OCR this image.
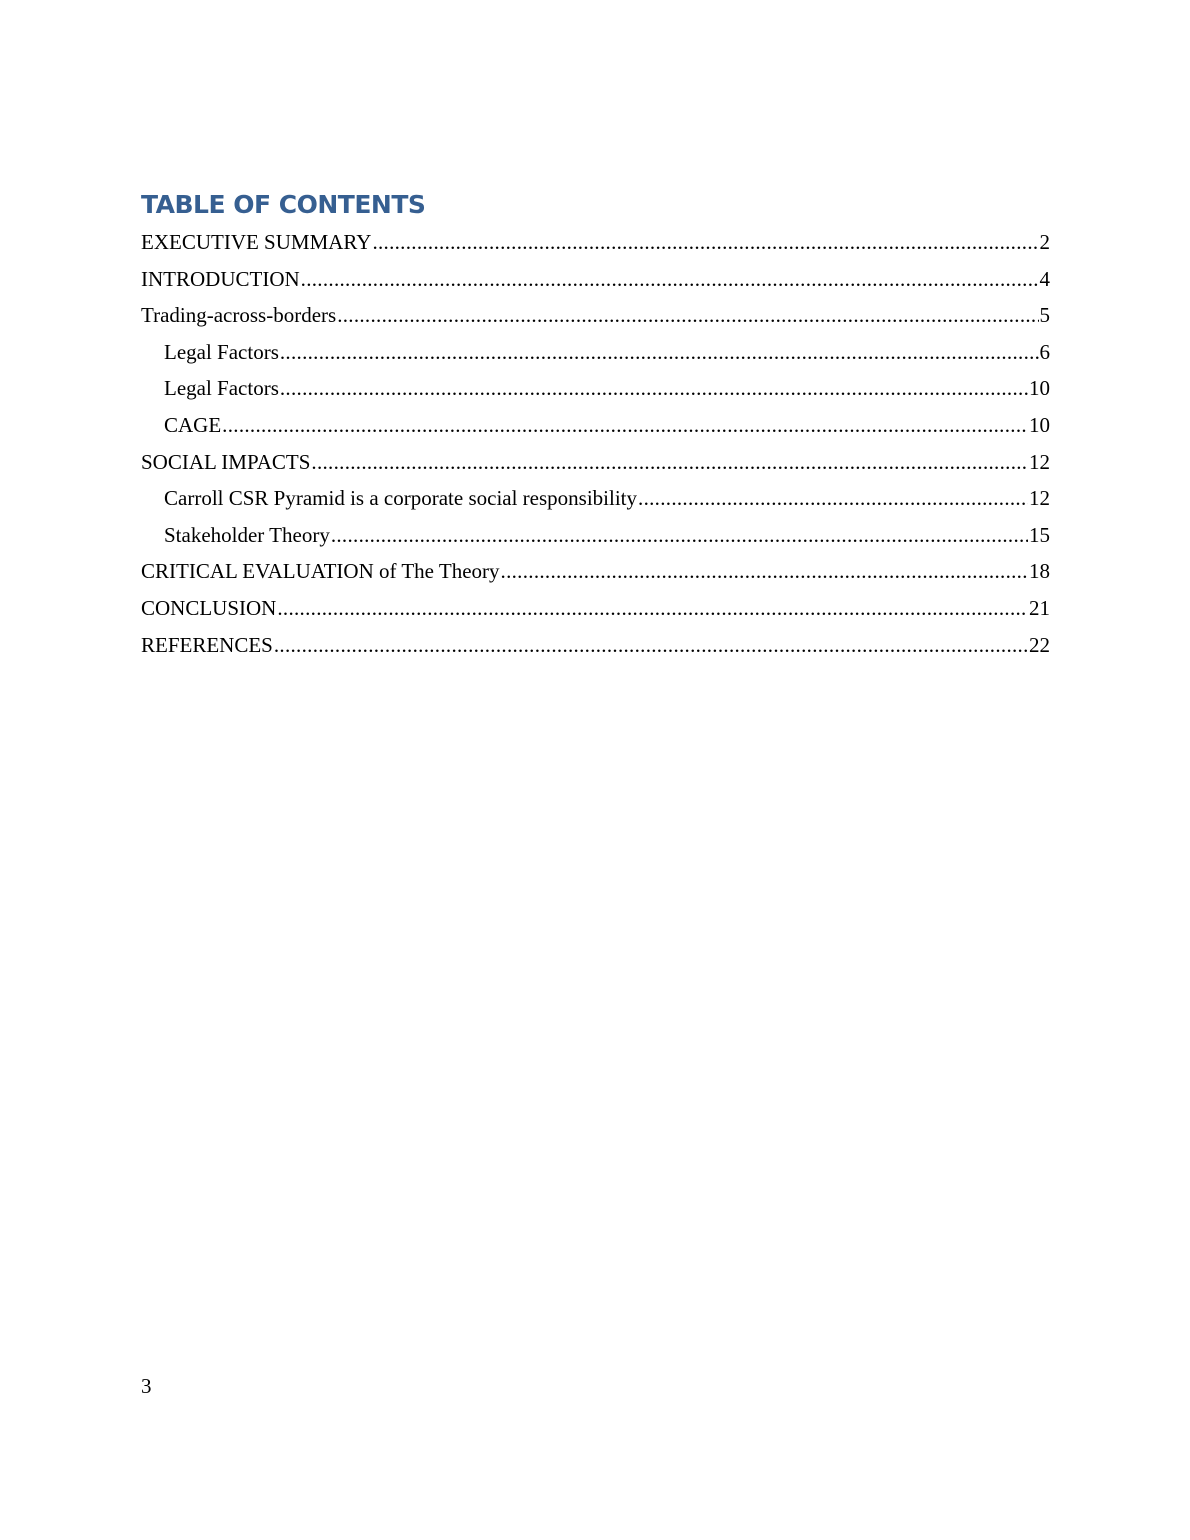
TABLE OF CONTENTS
EXECUTIVE SUMMARY .....	2
INTRODUCTION .....	4
Trading-across-borders .....	5
Legal Factors .....	6
Legal Factors .....	10
CAGE .....	10
SOCIAL IMPACTS .....	12
Carroll CSR Pyramid is a corporate social responsibility .....	12
Stakeholder Theory .....	15
CRITICAL EVALUATION of The Theory .....	18
CONCLUSION .....	21
REFERENCES .....	22
3
